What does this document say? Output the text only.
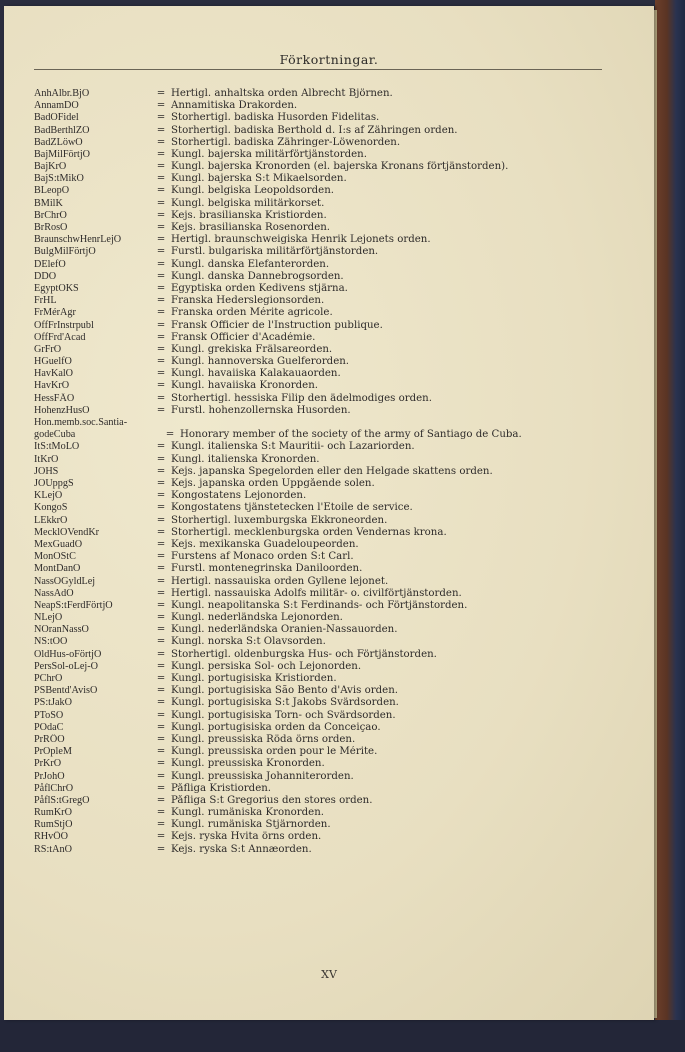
Förkortningar.
AnhAlbr.BjO	= Hertigl. anhaltska orden Albrecht Björnen.
AnnamDO	= Annamitiska Drakorden.
BadOFidel	= Storhertigl. badiska Husorden Fidelitas.
BadBerthlZO	= Storhertigl. badiska Berthold d. I:s af Zähringen orden.
BadZLöwO	= Storhertigl. badiska Zähringer-Löwenorden.
BajMilFörtjO	= Kungl. bajerska militärförtjänstorden.
BajKrO	= Kungl. bajerska Kronorden (el. bajerska Kronans förtjänstorden).
BajS:tMikO	= Kungl. bajerska S:t Mikaelsorden.
BLeopO	= Kungl. belgiska Leopoldsorden.
BMilK	= Kungl. belgiska militärkorset.
BrChrO	= Kejs. brasilianska Kristiorden.
BrRosO	= Kejs. brasilianska Rosenorden.
BraunschwHenrLejO	= Hertigl. braunschweigiska Henrik Lejonets orden.
BulgMilFörtjO	= Furstl. bulgariska militärförtjänstorden.
DElefO	= Kungl. danska Elefanterorden.
DDO	= Kungl. danska Dannebrogsorden.
EgyptOKS	= Egyptiska orden Kedivens stjärna.
FrHL	= Franska Hederslegionsorden.
FrMérAgr	= Franska orden Mérite agricole.
OffFrInstrpubl	= Fransk Officier de l'Instruction publique.
OffFrd'Acad	= Fransk Officier d'Académie.
GrFrO	= Kungl. grekiska Frälsareorden.
HGuelfO	= Kungl. hannoverska Guelferorden.
HavKalO	= Kungl. havaiiska Kalakauaorden.
HavKrO	= Kungl. havaiiska Kronorden.
HessFÄO	= Storhertigl. hessiska Filip den ädelmodiges orden.
HohenzHusO	= Furstl. hohenzollernska Husorden.
Hon.memb.soc.Santia-godeCuba	= Honorary member of the society of the army of Santiago de Cuba.
ItS:tMoLO	= Kungl. italienska S:t Mauritii- och Lazariorden.
ItKrO	= Kungl. italienska Kronorden.
JOHS	= Kejs. japanska Spegelorden eller den Helgade skattens orden.
JOUppgS	= Kejs. japanska orden Uppgående solen.
KLejO	= Kongostatens Lejonorden.
KongoS	= Kongostatens tjänstetecken l'Etoile de service.
LEkkrO	= Storhertigl. luxemburgska Ekkroneorden.
MecklOVendKr	= Storhertigl. mecklenburgska orden Vendernas krona.
MexGuadO	= Kejs. mexikanska Guadeloupeorden.
MonOStC	= Furstens af Monaco orden S:t Carl.
MontDanO	= Furstl. montenegrinska Daniloorden.
NassOGyldLej	= Hertigl. nassauiska orden Gyllene lejonet.
NassAdO	= Hertigl. nassauiska Adolfs militär- o. civilförtjänstorden.
NeapS:tFerdFörtjO	= Kungl. neapolitanska S:t Ferdinands- och Förtjänstorden.
NLejO	= Kungl. nederländska Lejonorden.
NOranNassO	= Kungl. nederländska Oranien-Nassauorden.
NS:tOO	= Kungl. norska S:t Olavsorden.
OldHus-oFörtjO	= Storhertigl. oldenburgska Hus- och Förtjänstorden.
PersSol-oLej-O	= Kungl. persiska Sol- och Lejonorden.
PChrO	= Kungl. portugisiska Kristiorden.
PSBentd'AvisO	= Kungl. portugisiska São Bento d'Avis orden.
PS:tJakO	= Kungl. portugisiska S:t Jakobs Svärdsorden.
PToSO	= Kungl. portugisiska Torn- och Svärdsorden.
POdaC	= Kungl. portugisiska orden da Conceiçao.
PrRÖO	= Kungl. preussiska Röda örns orden.
PrOpleM	= Kungl. preussiska orden pour le Mérite.
PrKrO	= Kungl. preussiska Kronorden.
PrJohO	= Kungl. preussiska Johanniterorden.
PåflChrO	= Påfliga Kristiorden.
PåflS:tGregO	= Påfliga S:t Gregorius den stores orden.
RumKrO	= Kungl. rumäniska Kronorden.
RumStjO	= Kungl. rumäniska Stjärnorden.
RHvÖO	= Kejs. ryska Hvita örns orden.
RS:tAnO	= Kejs. ryska S:t Annæorden.
XV
